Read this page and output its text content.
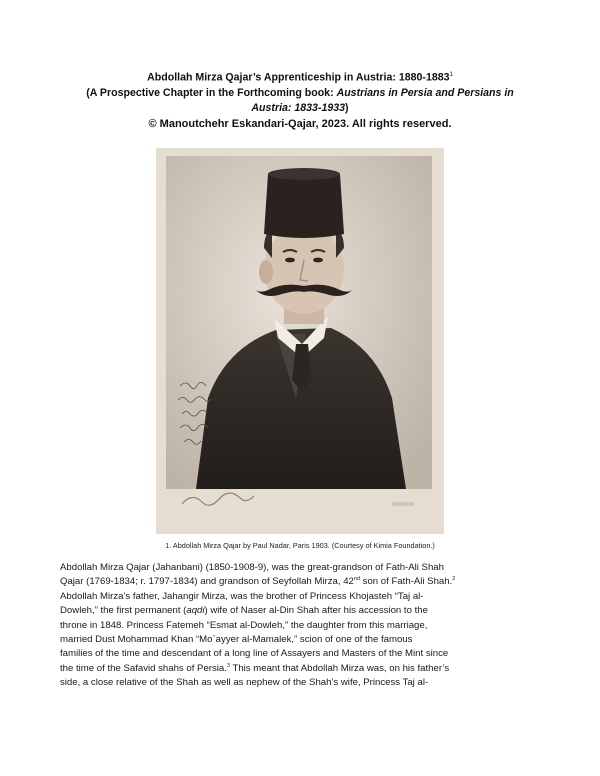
Abdollah Mirza Qajar’s Apprenticeship in Austria: 1880-1883$^1$
(A Prospective Chapter in the Forthcoming book: Austrians in Persia and Persians in
Austria: 1833-1933)
© Manoutchehr Eskandari-Qajar, 2023. All rights reserved.
1. Abdollah Mirza Qajar by Paul Nadar, Paris 1903. (Courtesy of Kimia Foundation.)
Abdollah Mirza Qajar (Jahanbani) (1850-1908-9), was the great-grandson of Fath-Ali Shah
Qajar (1769-1834; r. 1797-1834) and grandson of Seyfollah Mirza, 42nd son of Fath-Ali Shah.$^2$
Abdollah Mirza’s father, Jahangir Mirza, was the brother of Princess Khojasteh “Taj al-
Dowleh,” the first permanent (aqdi) wife of Naser al-Din Shah after his accession to the
throne in 1848. Princess Fatemeh “Esmat al-Dowleh,” the daughter from this marriage,
married Dust Mohammad Khan “Mo`ayyer al-Mamalek,” scion of one of the famous
families of the time and descendant of a long line of Assayers and Masters of the Mint since
the time of the Safavid shahs of Persia.$^3$ This meant that Abdollah Mirza was, on his father’s
side, a close relative of the Shah as well as nephew of the Shah’s wife, Princess Taj al-
